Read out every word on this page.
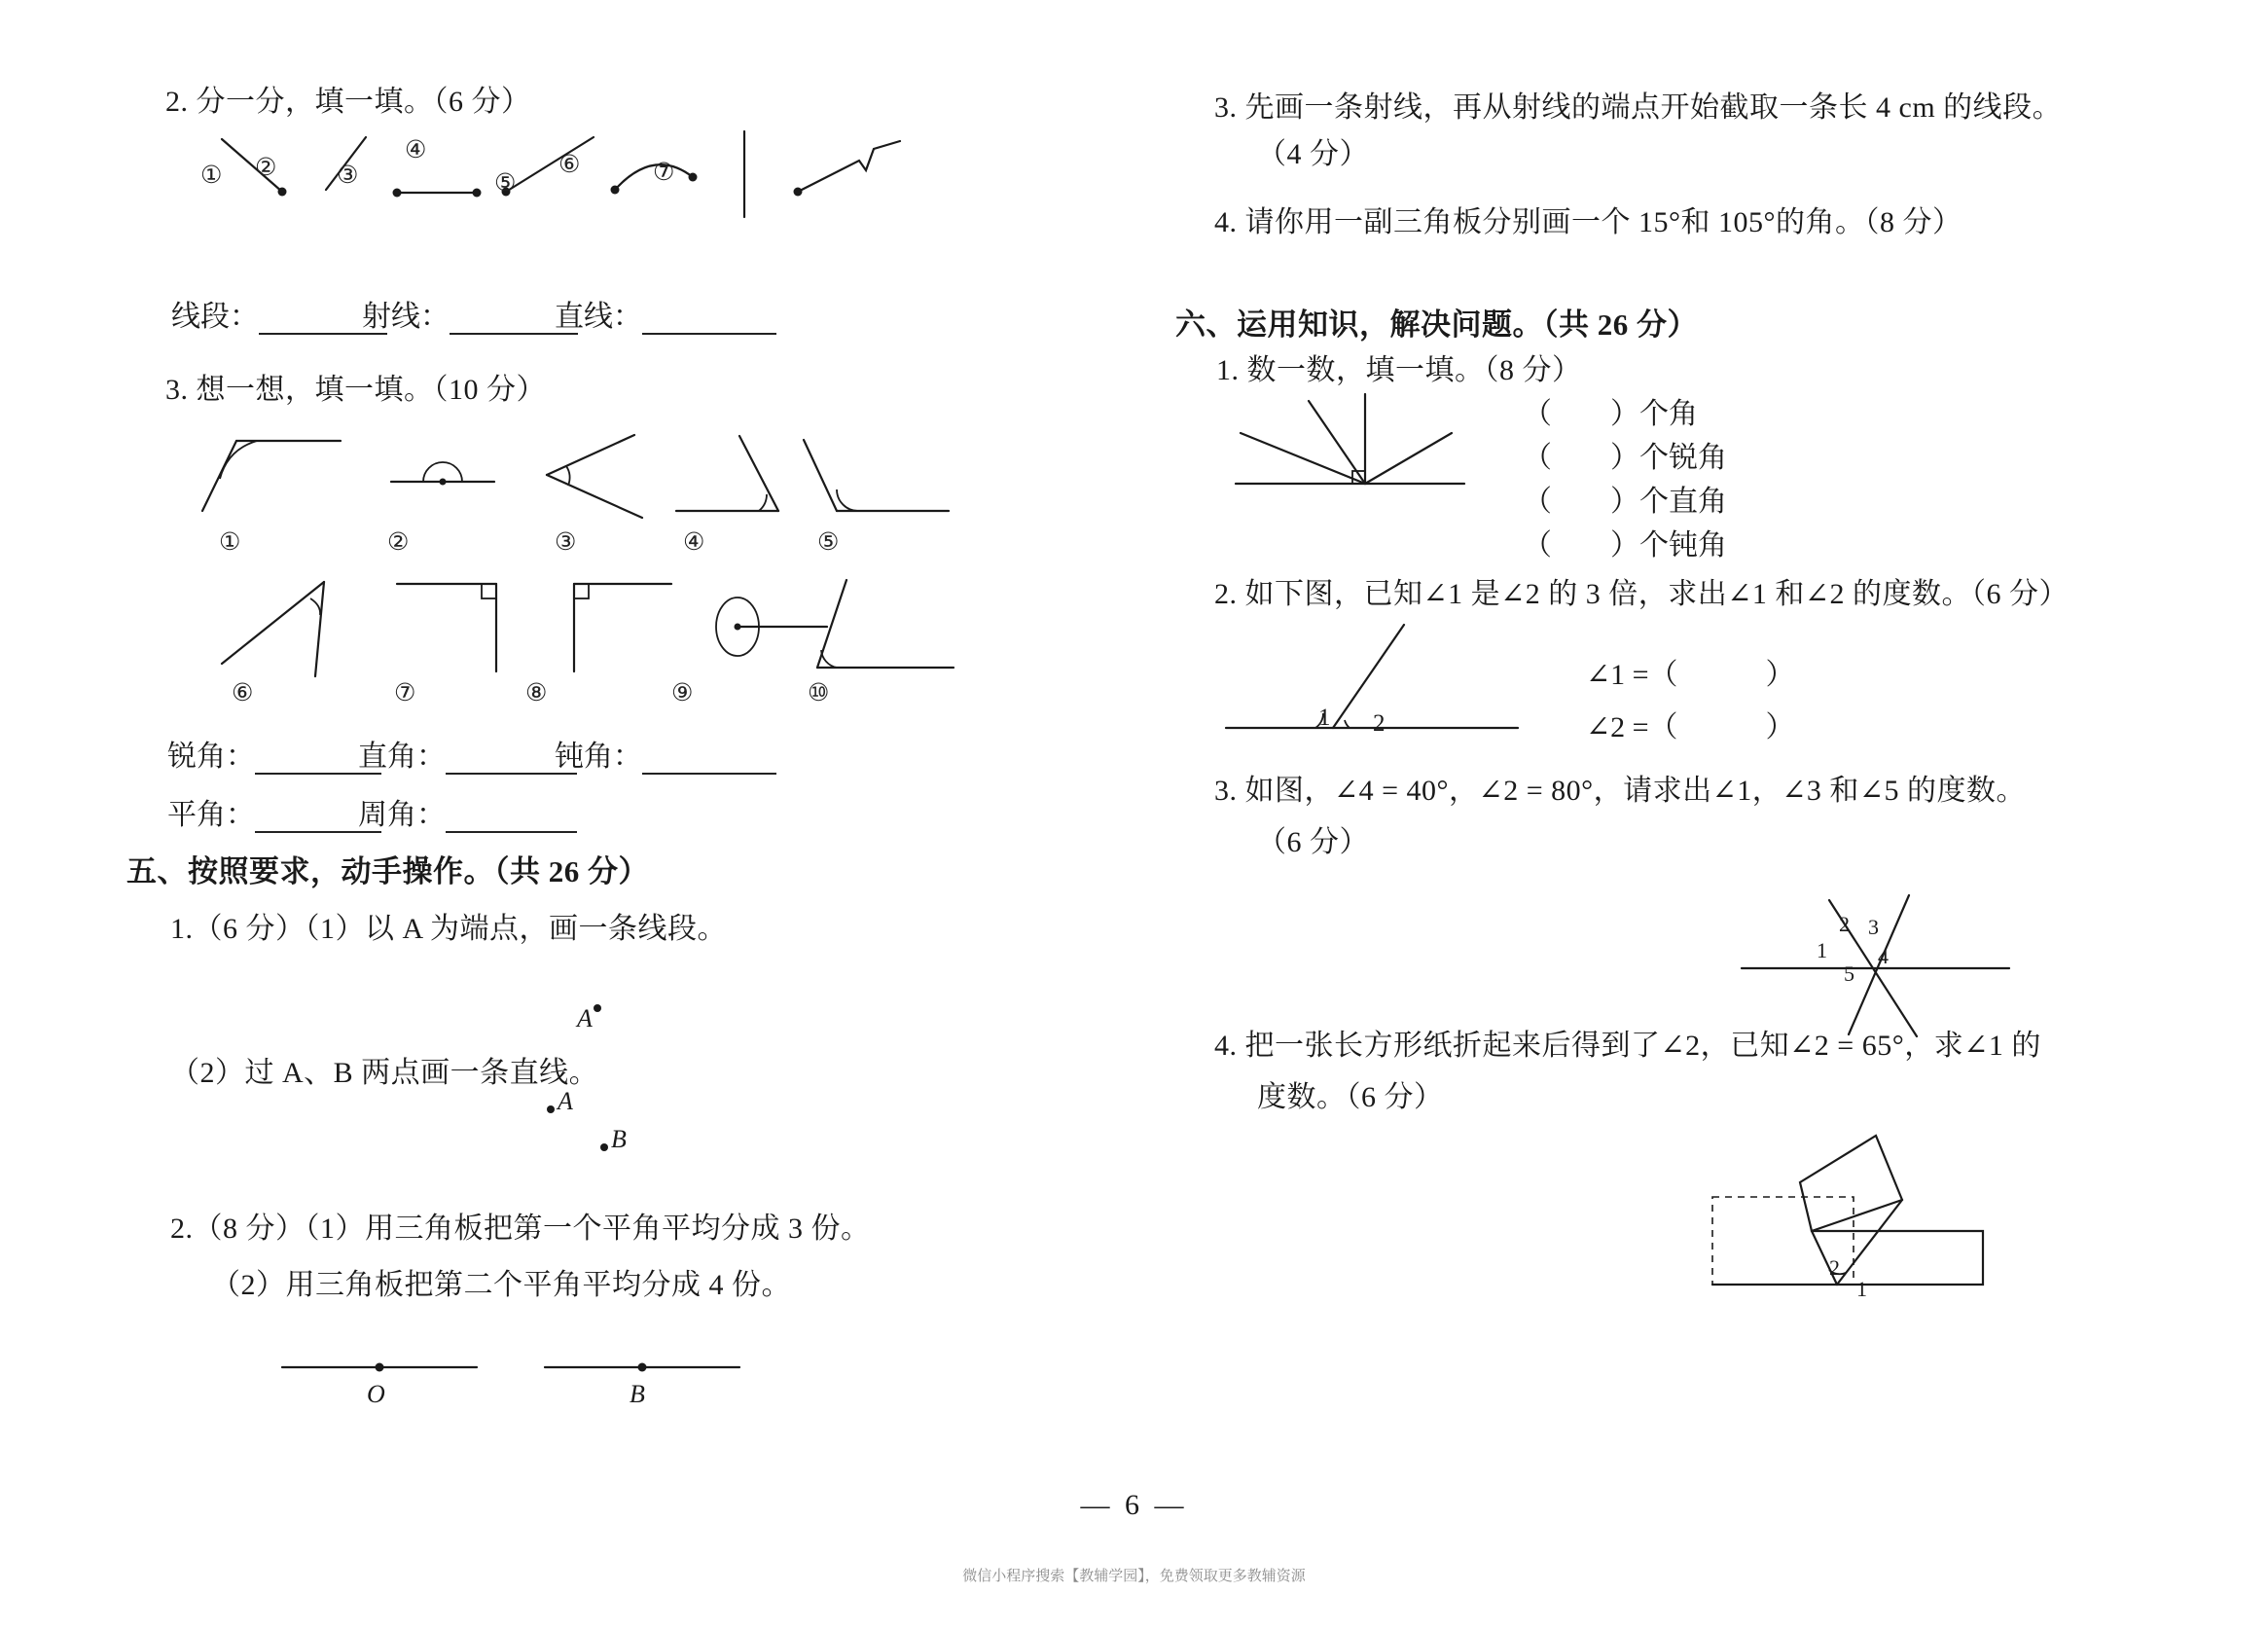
2. 分一分，填一填。（6 分）
① ② ③
④
⑤
⑥	⑦
线段：	射线：	直线：
3. 想一想，填一填。（10 分）
①	②	③	④	⑤
⑥	⑦	⑧	⑨	⑩
锐角：	直角：	钝角：
平角：	周角：
五、按照要求，动手操作。（共 26 分）
1.（6 分）（1）以 A 为端点，画一条线段。
A
（2）过 A、B 两点画一条直线。
A
B
2.（8 分）（1）用三角板把第一个平角平均分成 3 份。
（2）用三角板把第二个平角平均分成 4 份。
O	B
3. 先画一条射线，再从射线的端点开始截取一条长 4 cm 的线段。
（4 分）
4. 请你用一副三角板分别画一个 15°和 105°的角。（8 分）
六、运用知识，解决问题。（共 26 分）
1. 数一数，填一填。（8 分）
（　　）个角
（　　）个锐角
（　　）个直角
（　　）个钝角
2. 如下图，已知∠1 是∠2 的 3 倍，求出∠1 和∠2 的度数。（6 分）
1 2
∠1 =（　　　）
∠2 =（　　　）
3. 如图，∠4 = 40°，∠2 = 80°，请求出∠1，∠3 和∠5 的度数。
（6 分）
1
2 3
4
5
4. 把一张长方形纸折起来后得到了∠2，已知∠2 = 65°，求∠1 的
度数。（6 分）
2
1
— 6 —
微信小程序搜索【教辅学园】，免费领取更多教辅资源
